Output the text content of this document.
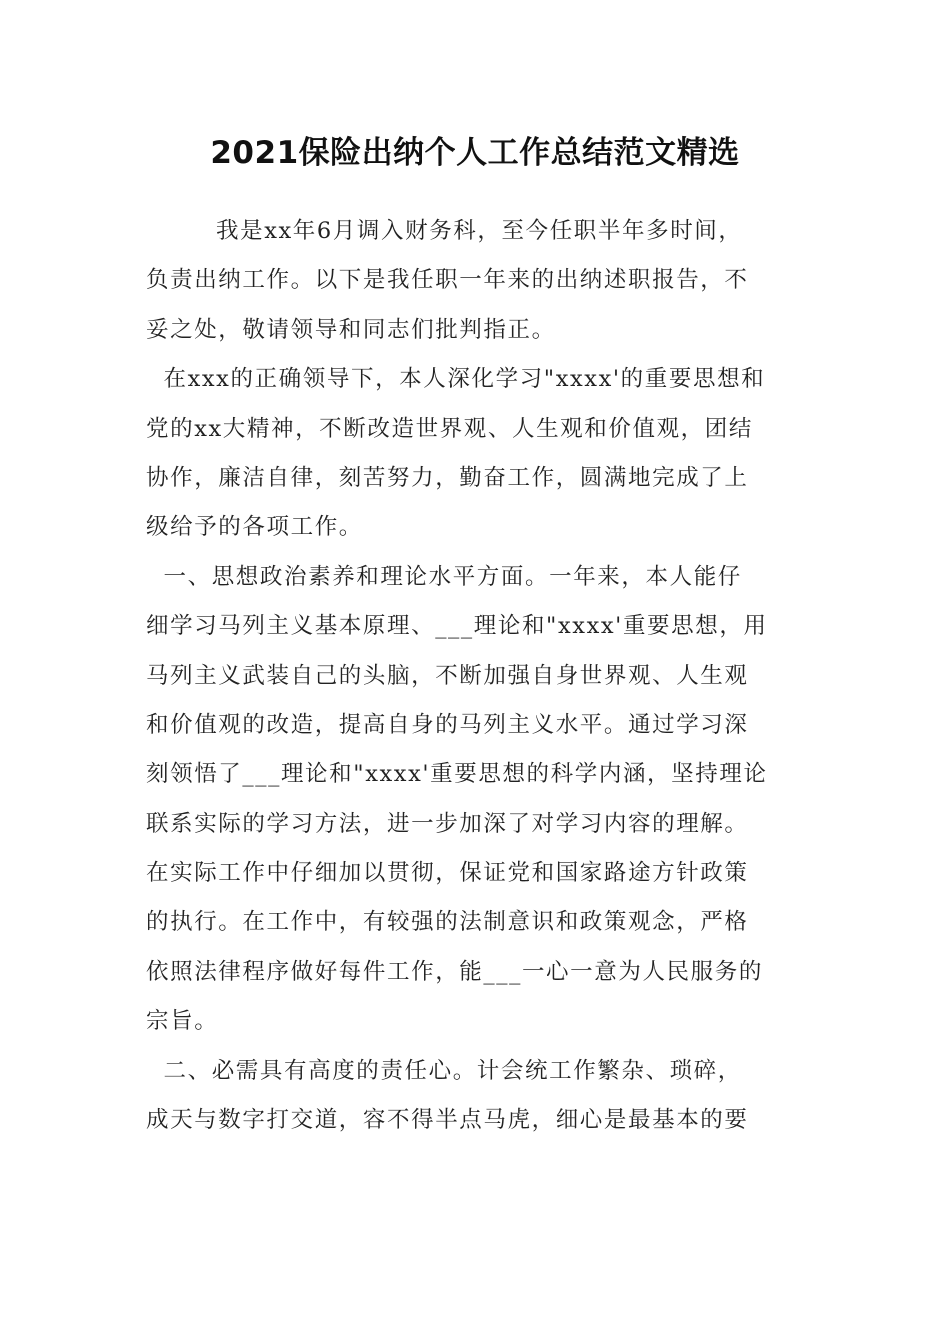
2021保险出纳个人工作总结范文精选
我是xx年6月调入财务科，至今任职半年多时间，
负责出纳工作。以下是我任职一年来的出纳述职报告，不
妥之处，敬请领导和同志们批判指正。
在xxx的正确领导下，本人深化学习"xxxx'的重要思想和
党的xx大精神，不断改造世界观、人生观和价值观，团结
协作，廉洁自律，刻苦努力，勤奋工作，圆满地完成了上
级给予的各项工作。
一、思想政治素养和理论水平方面。一年来，本人能仔
细学习马列主义基本原理、___理论和"xxxx'重要思想，用
马列主义武装自己的头脑，不断加强自身世界观、人生观
和价值观的改造，提高自身的马列主义水平。通过学习深
刻领悟了___理论和"xxxx'重要思想的科学内涵，坚持理论
联系实际的学习方法，进一步加深了对学习内容的理解。
在实际工作中仔细加以贯彻，保证党和国家路途方针政策
的执行。在工作中，有较强的法制意识和政策观念，严格
依照法律程序做好每件工作，能___一心一意为人民服务的
宗旨。
二、必需具有高度的责任心。计会统工作繁杂、琐碎，
成天与数字打交道，容不得半点马虎，细心是最基本的要
